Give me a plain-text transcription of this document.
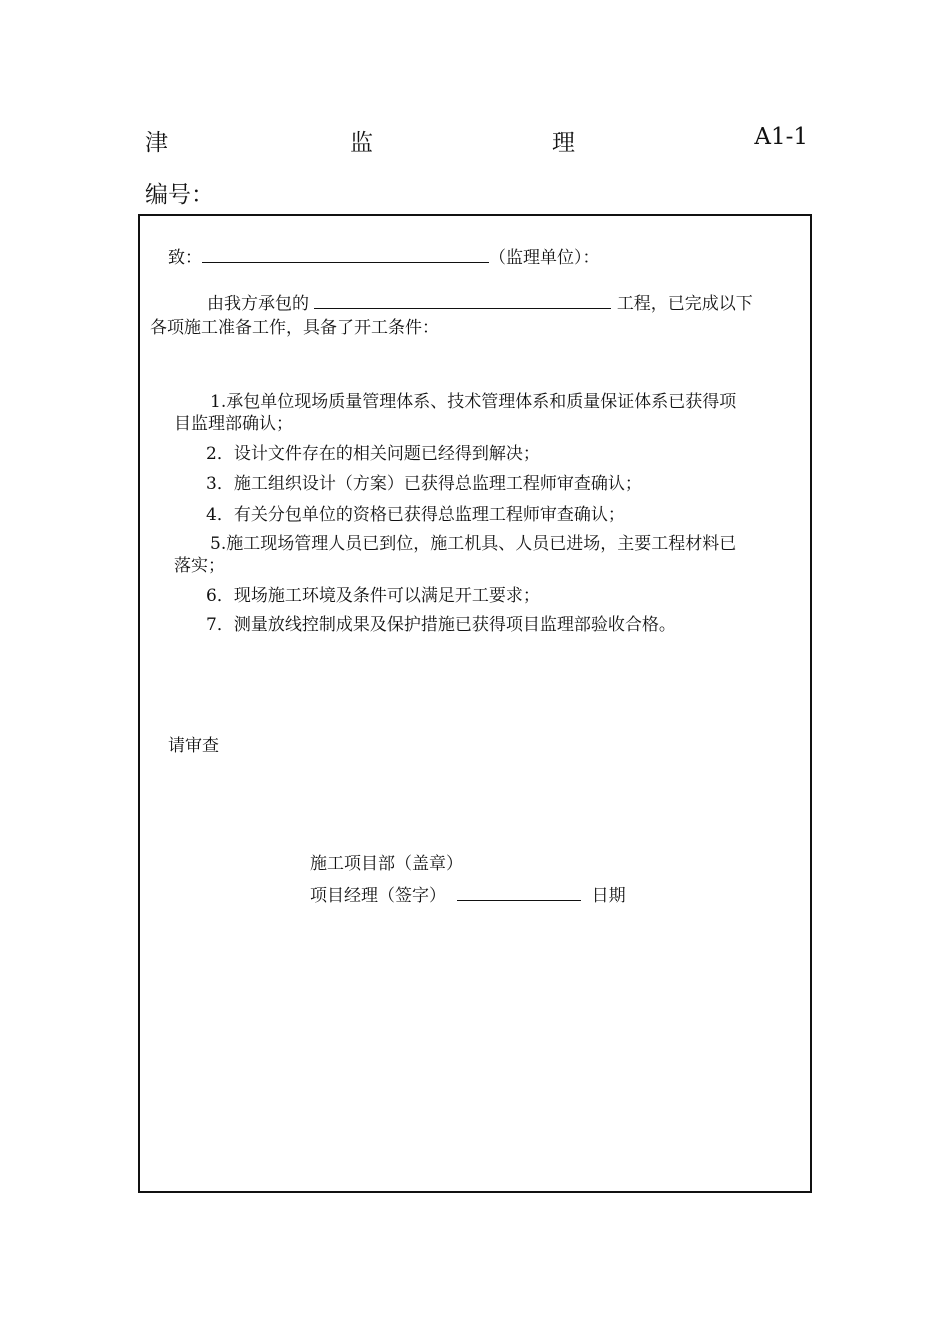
津	监	理	A1-1
编号：
致：	（监理单位）：
由我方承包的	工程，已完成以下
各项施工准备工作，具备了开工条件：
1.承包单位现场质量管理体系、技术管理体系和质量保证体系已获得项
目监理部确认；
2．设计文件存在的相关问题已经得到解决；
3．施工组织设计（方案）已获得总监理工程师审查确认；
4．有关分包单位的资格已获得总监理工程师审查确认；
5.施工现场管理人员已到位，施工机具、人员已进场，主要工程材料已
落实；
6．现场施工环境及条件可以满足开工要求；
7．测量放线控制成果及保护措施已获得项目监理部验收合格。
请审查
施工项目部（盖章）
项目经理（签字）	日期
